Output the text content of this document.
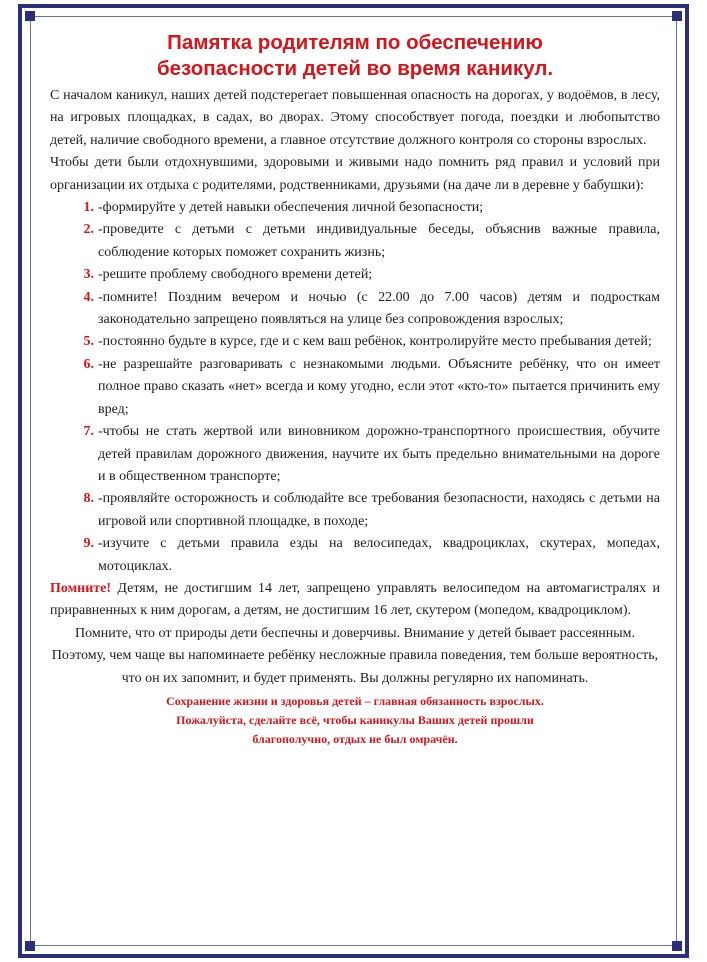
Памятка родителям по обеспечению
безопасности детей во время каникул.

С началом каникул, наших детей подстерегает повышенная опасность на дорогах, у водоёмов, в лесу, на игровых площадках, в садах, во дворах. Этому способствует погода, поездки и любопытство детей, наличие свободного времени, а главное отсутствие должного контроля со стороны взрослых.

Чтобы дети были отдохнувшими, здоровыми и живыми надо помнить ряд правил и условий при организации их отдыха с родителями, родственниками, друзьями (на даче ли в деревне у бабушки):

1. -формируйте у детей навыки обеспечения личной безопасности;
2. -проведите с детьми с детьми индивидуальные беседы, объяснив важные правила, соблюдение которых поможет сохранить жизнь;
3. -решите проблему свободного времени детей;
4. -помните! Поздним вечером и ночью (с 22.00 до 7.00 часов) детям и подросткам законодательно запрещено появляться на улице без сопровождения взрослых;
5. -постоянно будьте в курсе, где и с кем ваш ребёнок, контролируйте место пребывания детей;
6. -не разрешайте разговаривать с незнакомыми людьми. Объясните ребёнку, что он имеет полное право сказать «нет» всегда и кому угодно, если этот «кто-то» пытается причинить ему вред;
7. -чтобы не стать жертвой или виновником дорожно-транспортного происшествия, обучите детей правилам дорожного движения, научите их быть предельно внимательными на дороге и в общественном транспорте;
8. -проявляйте осторожность и соблюдайте все требования безопасности, находясь с детьми на игровой или спортивной площадке, в походе;
9. -изучите с детьми правила езды на велосипедах, квадроциклах, скутерах, мопедах, мотоциклах.

Помните! Детям, не достигшим 14 лет, запрещено управлять велосипедом на автомагистралях и приравненных к ним дорогам, а детям, не достигшим 16 лет, скутером (мопедом, квадроциклом).

Помните, что от природы дети беспечны и доверчивы. Внимание у детей бывает рассеянным. Поэтому, чем чаще вы напоминаете ребёнку несложные правила поведения, тем больше вероятность, что он их запомнит, и будет применять. Вы должны регулярно их напоминать.

Сохранение жизни и здоровья детей – главная обязанность взрослых.
Пожалуйста, сделайте всё, чтобы каникулы Ваших детей прошли
благополучно, отдых не был омрачён.
